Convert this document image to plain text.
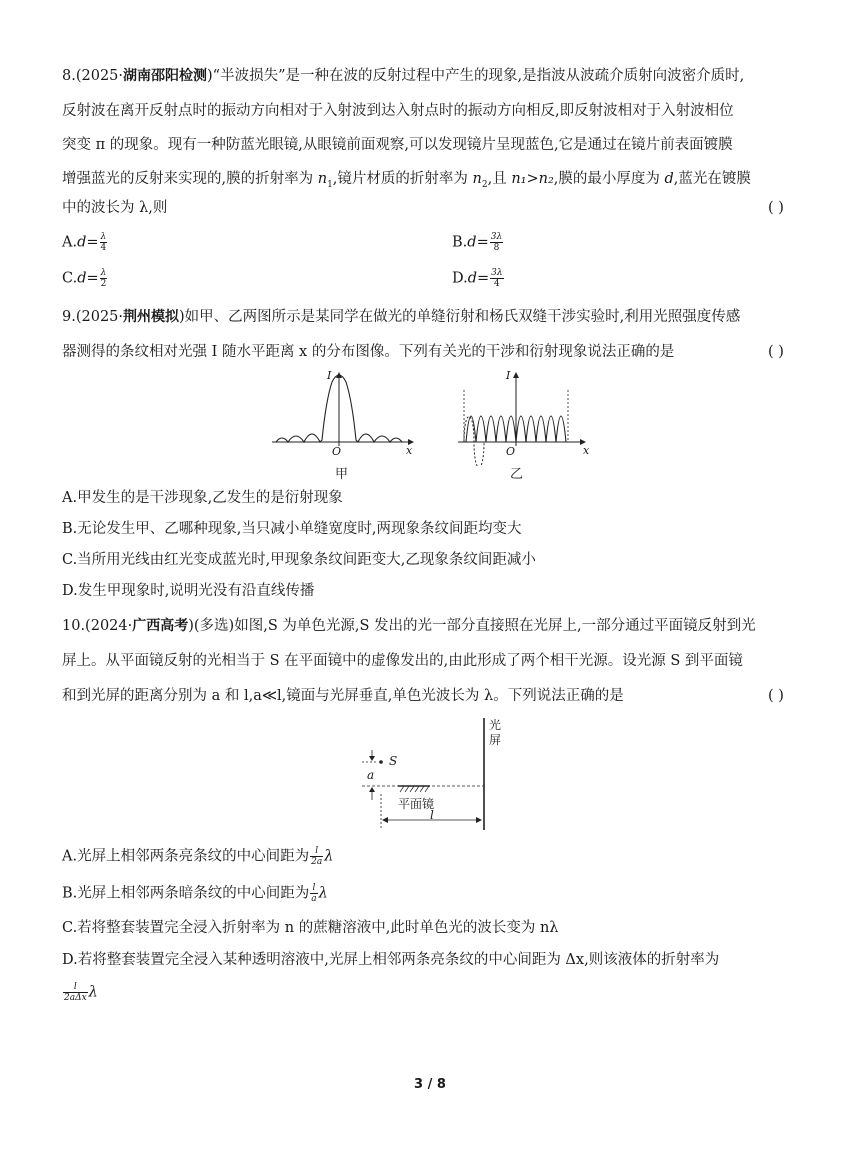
8.(2025·湖南邵阳检测)“半波损失”是一种在波的反射过程中产生的现象,是指波从波疏介质射向波密介质时,
反射波在离开反射点时的振动方向相对于入射波到达入射点时的振动方向相反,即反射波相对于入射波相位
突变 π 的现象。现有一种防蓝光眼镜,从眼镜前面观察,可以发现镜片呈现蓝色,它是通过在镜片前表面镀膜
增强蓝光的反射来实现的,膜的折射率为 $n_1$,镜片材质的折射率为 $n_2$,且 n₁>n₂,膜的最小厚度为 d,蓝光在镀膜
中的波长为 λ,则	( )
$A.d= \frac{\lambda}{4}$	$B.d= \frac{3\lambda}{8}$
$C.d= \frac{\lambda}{2}$	$D.d= \frac{3\lambda}{4}$
9.(2025·荆州模拟)如甲、乙两图所示是某同学在做光的单缝衍射和杨氏双缝干涉实验时,利用光照强度传感
器测得的条纹相对光强 I 随水平距离 x 的分布图像。下列有关光的干涉和衍射现象说法正确的是	( )
O
I
x
甲
O
I
x
乙
A.甲发生的是干涉现象,乙发生的是衍射现象
B.无论发生甲、乙哪种现象,当只减小单缝宽度时,两现象条纹间距均变大
C.当所用光线由红光变成蓝光时,甲现象条纹间距变大,乙现象条纹间距减小
D.发生甲现象时,说明光没有沿直线传播
10.(2024·广西高考)(多选)如图,S 为单色光源,S 发出的光一部分直接照在光屏上,一部分通过平面镜反射到光
屏上。从平面镜反射的光相当于 S 在平面镜中的虚像发出的,由此形成了两个相干光源。设光源 S 到平面镜
和到光屏的距离分别为 a 和 l,a≪l,镜面与光屏垂直,单色光波长为 λ。下列说法正确的是	( )
光屏
S
a
平面镜
l
A.光屏上相邻两条亮条纹的中心间距为 $\frac{l}{2a}$ λ
B.光屏上相邻两条暗条纹的中心间距为 $\frac{l}{a}$ λ
C.若将整套装置完全浸入折射率为 n 的蔗糖溶液中,此时单色光的波长变为 nλ
D.若将整套装置完全浸入某种透明溶液中,光屏上相邻两条亮条纹的中心间距为 Δx,则该液体的折射率为
$\frac{l}{\text{2aΔx}}$ λ
3 / 8
